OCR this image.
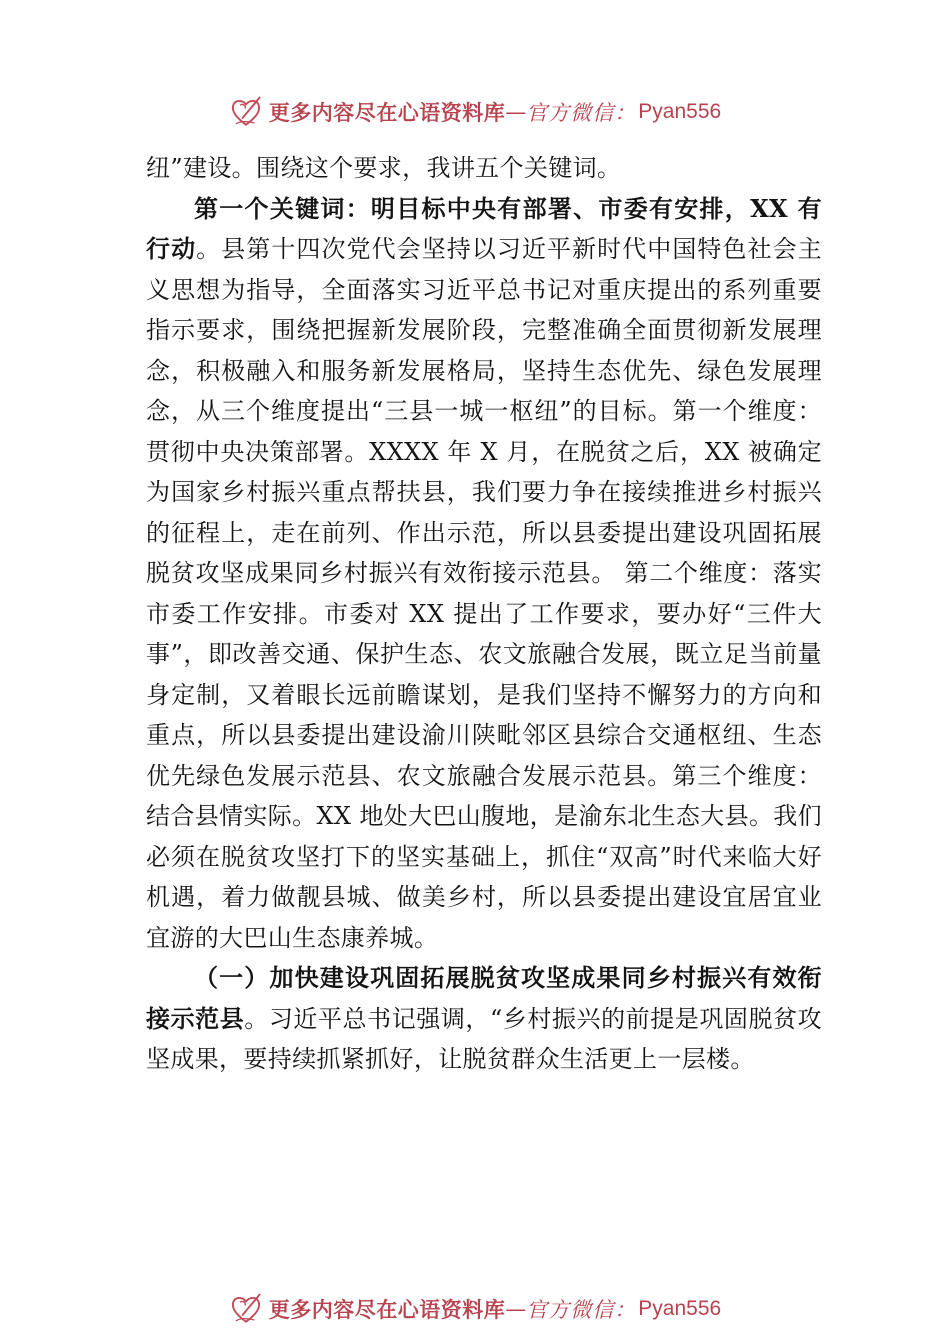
更多内容尽在心语资料库 — 官方微信： Pyan556

纽”建设。围绕这个要求，我讲五个关键词。

第一个关键词：明目标中央有部署、市委有安排，XX 有行动。县第十四次党代会坚持以习近平新时代中国特色社会主义思想为指导，全面落实习近平总书记对重庆提出的系列重要指示要求，围绕把握新发展阶段，完整准确全面贯彻新发展理念，积极融入和服务新发展格局，坚持生态优先、绿色发展理念，从三个维度提出“三县一城一枢纽”的目标。第一个维度：贯彻中央决策部署。XXXX 年 X 月，在脱贫之后，XX 被确定为国家乡村振兴重点帮扶县，我们要力争在接续推进乡村振兴的征程上，走在前列、作出示范，所以县委提出建设巩固拓展脱贫攻坚成果同乡村振兴有效衔接示范县。 第二个维度：落实市委工作安排。市委对 XX 提出了工作要求，要办好“三件大事”，即改善交通、保护生态、农文旅融合发展，既立足当前量身定制，又着眼长远前瞻谋划，是我们坚持不懈努力的方向和重点，所以县委提出建设渝川陕毗邻区县综合交通枢纽、生态优先绿色发展示范县、农文旅融合发展示范县。第三个维度：结合县情实际。XX 地处大巴山腹地，是渝东北生态大县。我们必须在脱贫攻坚打下的坚实基础上，抓住“双高”时代来临大好机遇，着力做靓县城、做美乡村，所以县委提出建设宜居宜业宜游的大巴山生态康养城。

（一）加快建设巩固拓展脱贫攻坚成果同乡村振兴有效衔接示范县。习近平总书记强调，“乡村振兴的前提是巩固脱贫攻坚成果，要持续抓紧抓好，让脱贫群众生活更上一层楼。

更多内容尽在心语资料库 — 官方微信： Pyan556
